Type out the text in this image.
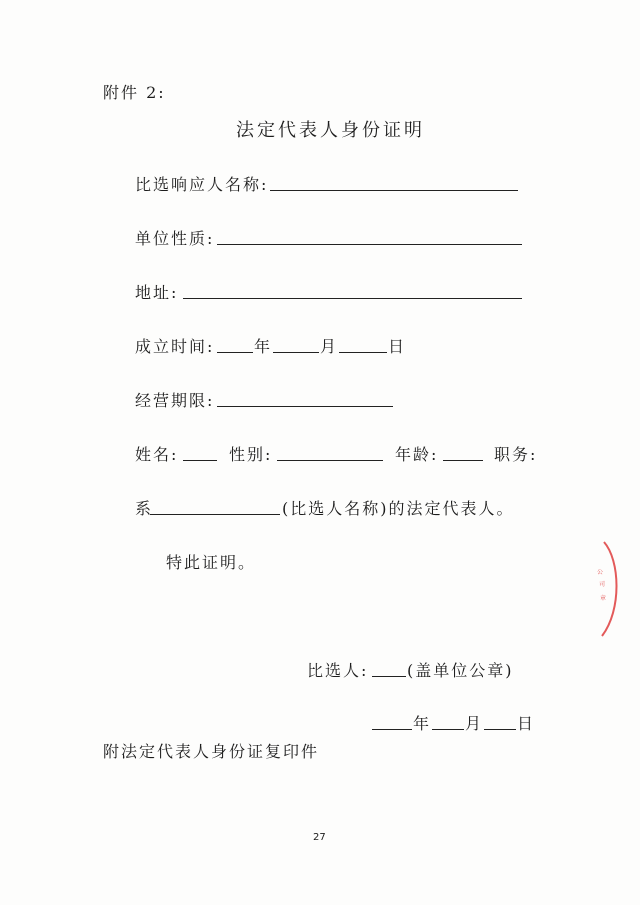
附件 2:
法定代表人身份证明
比选响应人名称:
单位性质:
地址:
成立时间: 年	月	日
经营期限:
姓名:	性别:	年龄:	职务:
系	(比选人名称)的法定代表人。
特此证明。
公
司
章
比选人: (盖单位公章)
年 月 日
附法定代表人身份证复印件
27
